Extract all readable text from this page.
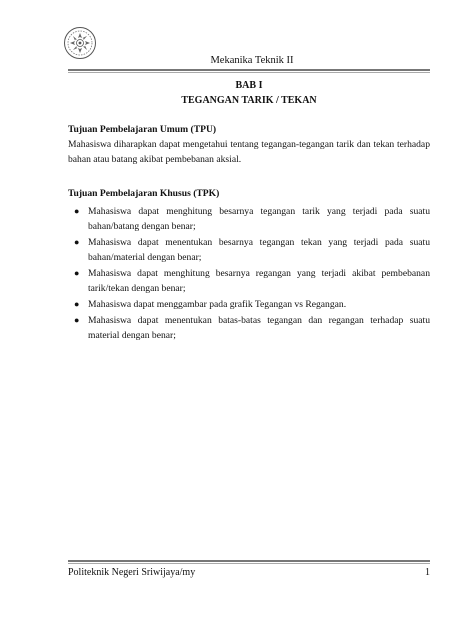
Mekanika Teknik II
BAB I
TEGANGAN TARIK / TEKAN
Tujuan Pembelajaran Umum (TPU)

Mahasiswa diharapkan dapat mengetahui tentang tegangan-tegangan tarik dan tekan terhadap bahan atau batang akibat pembebanan aksial.

Tujuan Pembelajaran Khusus (TPK)
● Mahasiswa dapat menghitung besarnya tegangan tarik yang terjadi pada suatu bahan/batang dengan benar;
● Mahasiswa dapat menentukan besarnya tegangan tekan yang terjadi pada suatu bahan/material dengan benar;
● Mahasiswa dapat menghitung besarnya regangan yang terjadi akibat pembebanan tarik/tekan dengan benar;
● Mahasiswa dapat menggambar pada grafik Tegangan vs Regangan.
● Mahasiswa dapat menentukan batas-batas tegangan dan regangan terhadap suatu material dengan benar;
Politeknik Negeri Sriwijaya/my	1
